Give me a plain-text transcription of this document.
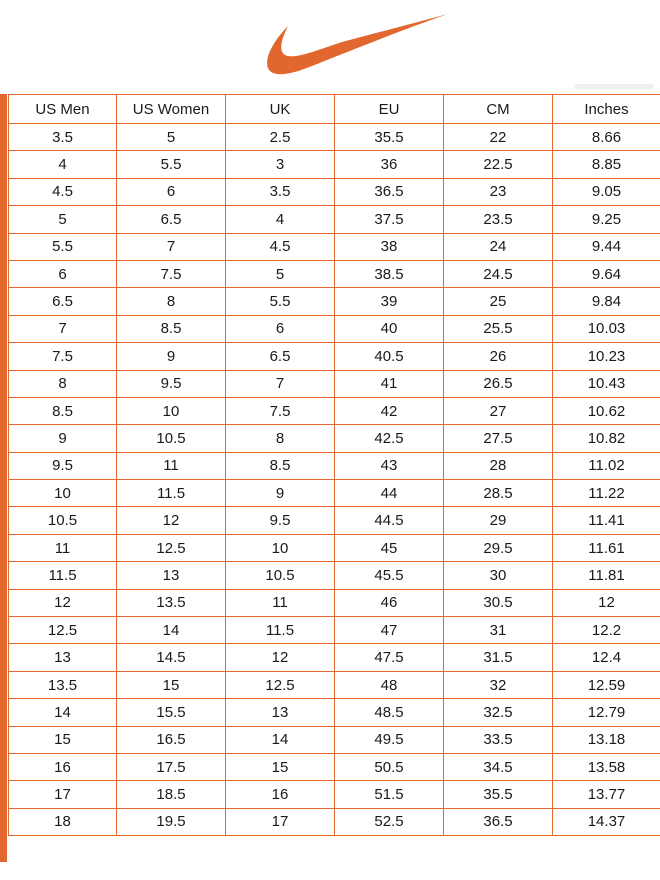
US Men	US Women	UK	EU	CM	Inches
3.5	5	2.5	35.5	22	8.66
4	5.5	3	36	22.5	8.85
4.5	6	3.5	36.5	23	9.05
5	6.5	4	37.5	23.5	9.25
5.5	7	4.5	38	24	9.44
6	7.5	5	38.5	24.5	9.64
6.5	8	5.5	39	25	9.84
7	8.5	6	40	25.5	10.03
7.5	9	6.5	40.5	26	10.23
8	9.5	7	41	26.5	10.43
8.5	10	7.5	42	27	10.62
9	10.5	8	42.5	27.5	10.82
9.5	11	8.5	43	28	11.02
10	11.5	9	44	28.5	11.22
10.5	12	9.5	44.5	29	11.41
11	12.5	10	45	29.5	11.61
11.5	13	10.5	45.5	30	11.81
12	13.5	11	46	30.5	12
12.5	14	11.5	47	31	12.2
13	14.5	12	47.5	31.5	12.4
13.5	15	12.5	48	32	12.59
14	15.5	13	48.5	32.5	12.79
15	16.5	14	49.5	33.5	13.18
16	17.5	15	50.5	34.5	13.58
17	18.5	16	51.5	35.5	13.77
18	19.5	17	52.5	36.5	14.37
